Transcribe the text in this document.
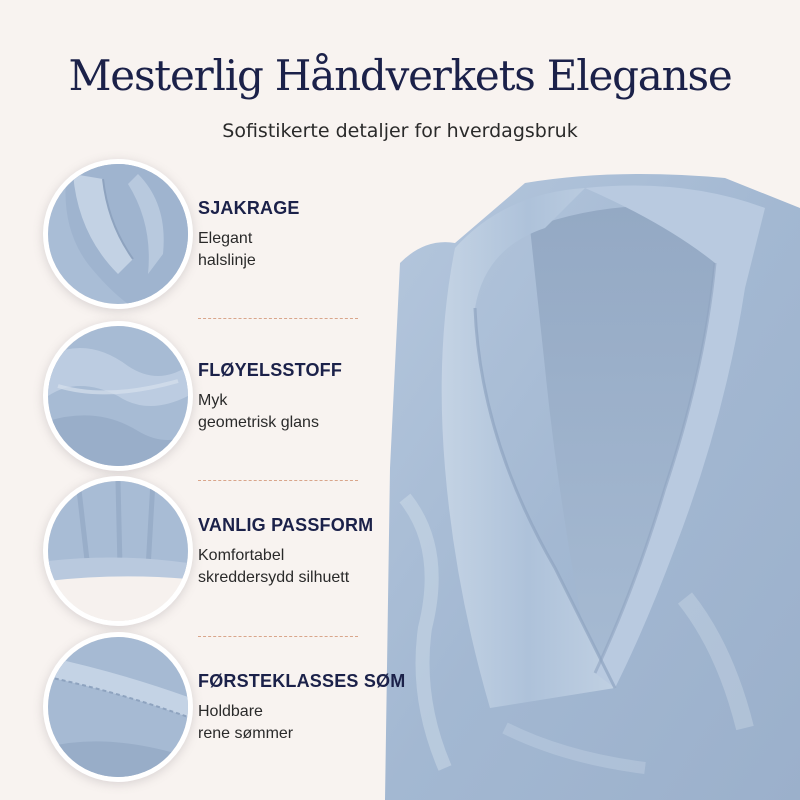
Mesterlig Håndverkets Eleganse
Sofistikerte detaljer for hverdagsbruk
SJAKRAGE
Elegant
halslinje
FLØYELSSTOFF
Myk
geometrisk glans
VANLIG PASSFORM
Komfortabel
skreddersydd silhuett
FØRSTEKLASSES SØM
Holdbare
rene sømmer
